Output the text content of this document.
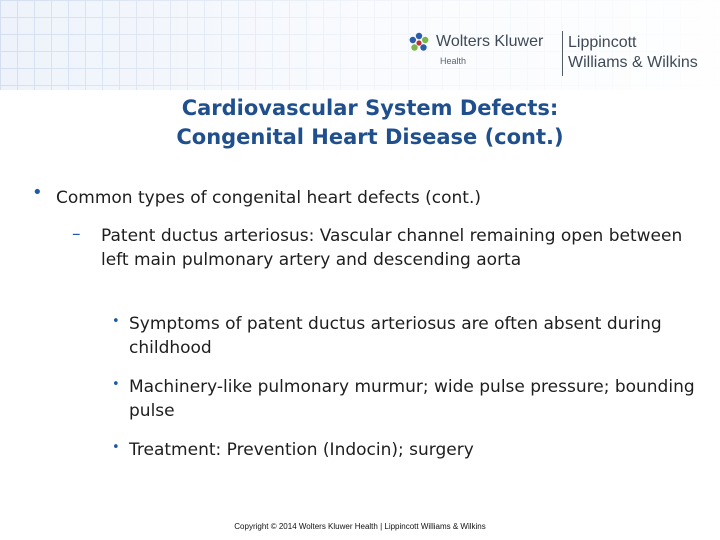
Wolters Kluwer
Health
Lippincott
Williams & Wilkins
Cardiovascular System Defects:
Congenital Heart Disease (cont.)
• Common types of congenital heart defects (cont.)
– Patent ductus arteriosus: Vascular channel remaining open between left main pulmonary artery and descending aorta
• Symptoms of patent ductus arteriosus are often absent during childhood
• Machinery-like pulmonary murmur; wide pulse pressure; bounding pulse
• Treatment: Prevention (Indocin); surgery
Copyright © 2014 Wolters Kluwer Health | Lippincott Williams & Wilkins
